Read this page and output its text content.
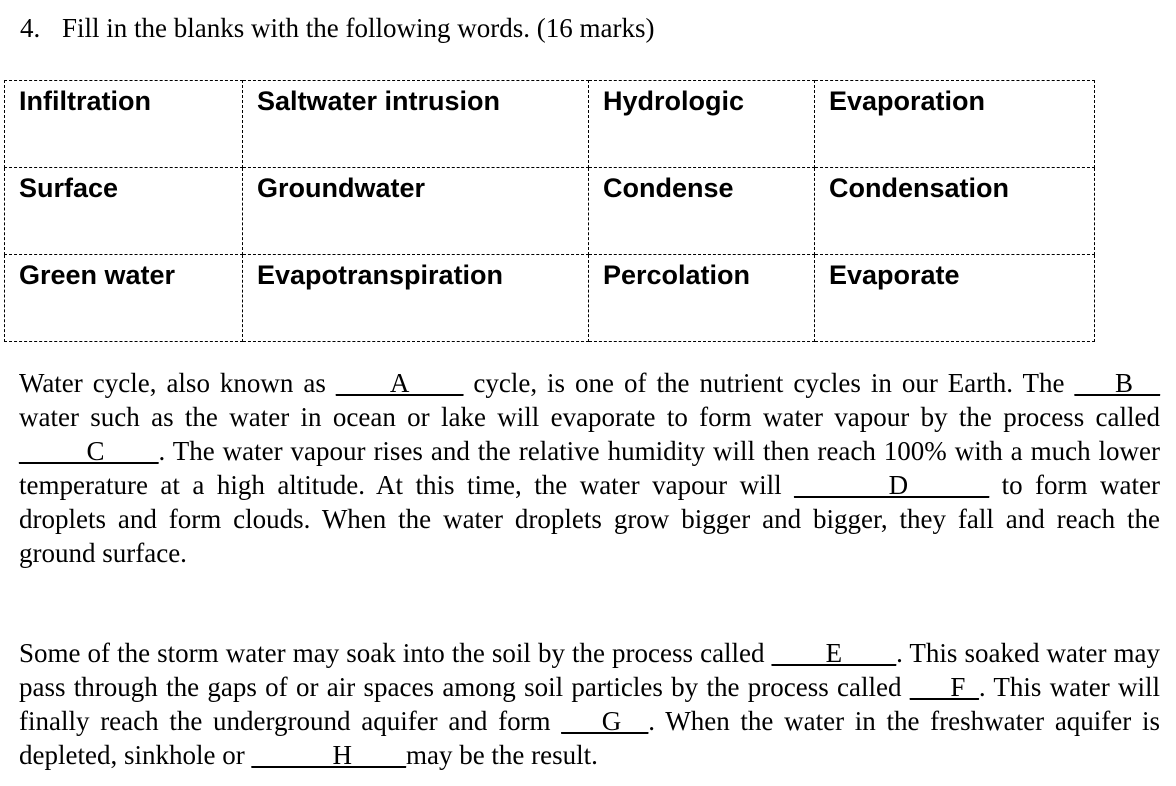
4. Fill in the blanks with the following words. (16 marks)
Infiltration	Saltwater intrusion	Hydrologic	Evaporation
Surface	Groundwater	Condense	Condensation
Green water	Evapotranspiration	Percolation	Evaporate
Water cycle, also known as ____A____ cycle, is one of the nutrient cycles in our Earth. The ___B__ water such as the water in ocean or lake will evaporate to form water vapour by the process called _____C____. The water vapour rises and the relative humidity will then reach 100% with a much lower temperature at a high altitude. At this time, the water vapour will _______D______ to form water droplets and form clouds. When the water droplets grow bigger and bigger, they fall and reach the ground surface.
Some of the storm water may soak into the soil by the process called ____E____. This soaked water may pass through the gaps of or air spaces among soil particles by the process called ___F_. This water will finally reach the underground aquifer and form ___G__. When the water in the freshwater aquifer is depleted, sinkhole or ______H____may be the result.
